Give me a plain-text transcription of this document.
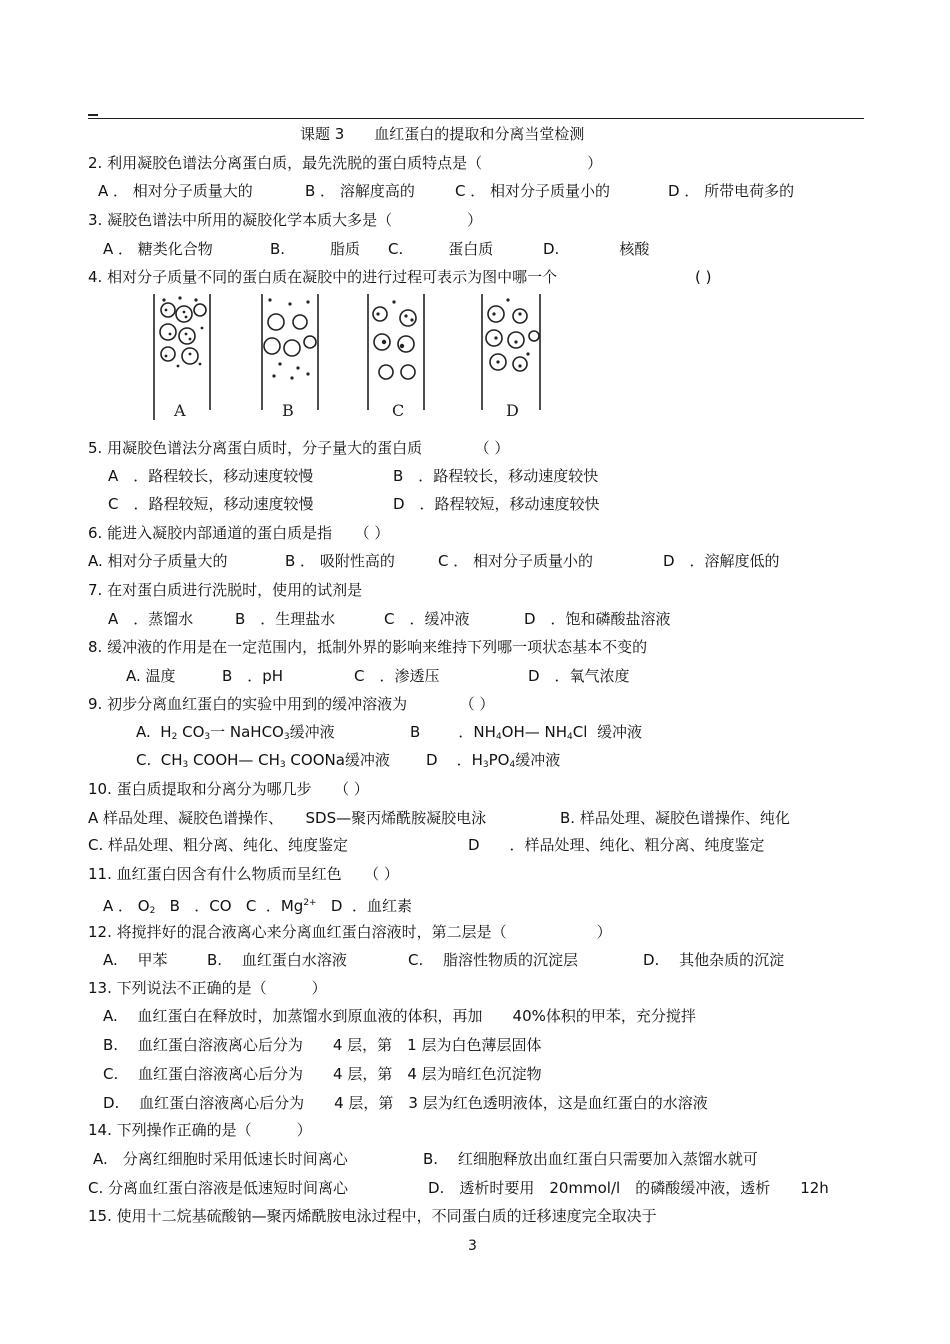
课题 3　　血红蛋白的提取和分离当堂检测
2. 利用凝胶色谱法分离蛋白质，最先洗脱的蛋白质特点是（　　　　　　　）
A ． 相对分子质量大的	B ． 溶解度高的	C ． 相对分子质量小的	D ． 所带电荷多的
3. 凝胶色谱法中所用的凝胶化学本质大多是（　　　　　）
A ． 糖类化合物	B.　　　脂质 C.　　　蛋白质	D.　　　　核酸
4. 相对分子质量不同的蛋白质在凝胶中的进行过程可表示为图中哪一个	( )
A	B	C	D
5. 用凝胶色谱法分离蛋白质时，分子量大的蛋白质　　　　（ ）
A　．路程较长，移动速度较慢	B　．路程较长，移动速度较快
C　．路程较短，移动速度较慢	D　．路程较短，移动速度较快
6. 能进入凝胶内部通道的蛋白质是指　　（ ）
A. 相对分子质量大的	B ． 吸附性高的	C ． 相对分子质量小的	D　．溶解度低的
7. 在对蛋白质进行洗脱时，使用的试剂是
A　．蒸馏水	B　．生理盐水	C　．缓冲液	D　．饱和磷酸盐溶液
8. 缓冲液的作用是在一定范围内，抵制外界的影响来维持下列哪一项状态基本不变的
A. 温度	B　．pH	C　．渗透压	D　．氧气浓度
9. 初步分离血红蛋白的实验中用到的缓冲溶液为　　　　（ ）
A.  $H_2$ $CO_3$一 NaHCO$_3$缓冲液	B        ．$NH_4OH—$ $NH_4Cl$  缓冲液
C.  $CH_3$ COOH— $CH_3$ COONa缓冲液 D    ．$H_3PO_4$缓冲液
10. 蛋白质提取和分离分为哪几步　　（ ）
A 样品处理、凝胶色谱操作、　　SDS—聚丙烯酰胺凝胶电泳	B. 样品处理、凝胶色谱操作、纯化
C. 样品处理、粗分离、纯化、纯度鉴定	D　　．样品处理、纯化、粗分离、纯度鉴定
11. 血红蛋白因含有什么物质而呈红色　　（ ）
A ． $O_2$   B   ．CO   C  ．$Mg^{2+}$   D  ．血红素
12. 将搅拌好的混合液离心来分离血红蛋白溶液时，第二层是（　　　　　　）
A.　 甲苯	B.　 血红蛋白水溶液	C.　 脂溶性物质的沉淀层	D.　 其他杂质的沉淀
13. 下列说法不正确的是（　　　）
A.　 血红蛋白在释放时，加蒸馏水到原血液的体积，再加　　40%体积的甲苯，充分搅拌
B.　 血红蛋白溶液离心后分为　　4 层，第　1 层为白色薄层固体
C.　 血红蛋白溶液离心后分为　　4 层，第　4 层为暗红色沉淀物
D.　 血红蛋白溶液离心后分为　　4 层，第　3 层为红色透明液体，这是血红蛋白的水溶液
14. 下列操作正确的是（　　　）
A.　分离红细胞时采用低速长时间离心	B.　 红细胞释放出血红蛋白只需要加入蒸馏水就可
C. 分离血红蛋白溶液是低速短时间离心	D.　透析时要用　20mmol/l　的磷酸缓冲液，透析　　12h
15. 使用十二烷基硫酸钠—聚丙烯酰胺电泳过程中，不同蛋白质的迁移速度完全取决于
3
